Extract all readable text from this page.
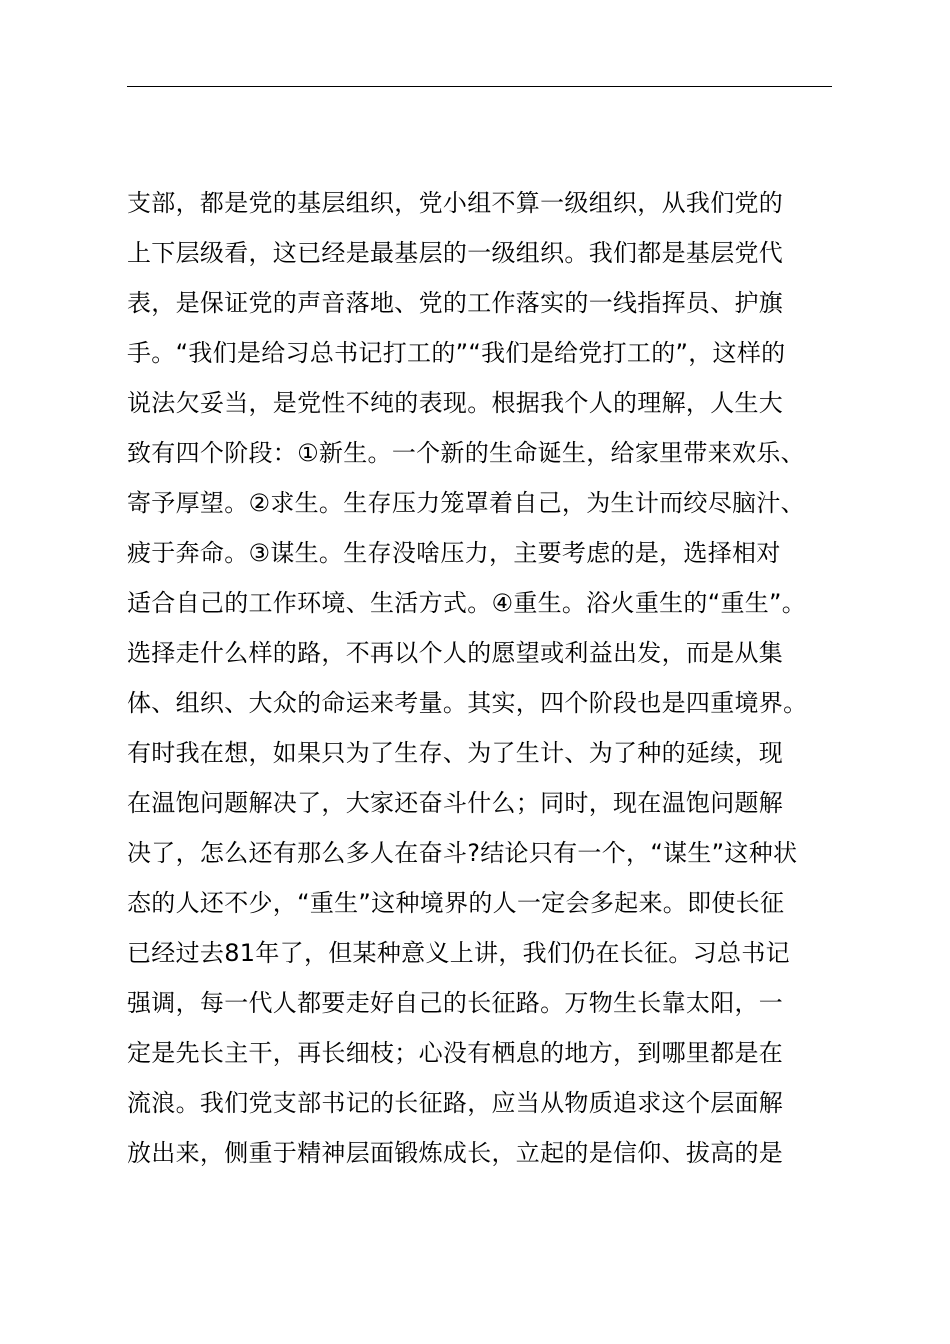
支部，都是党的基层组织，党小组不算一级组织，从我们党的
上下层级看，这已经是最基层的一级组织。我们都是基层党代
表，是保证党的声音落地、党的工作落实的一线指挥员、护旗
手。“我们是给习总书记打工的”“我们是给党打工的”，这样的
说法欠妥当，是党性不纯的表现。根据我个人的理解，人生大
致有四个阶段：①新生。一个新的生命诞生，给家里带来欢乐、
寄予厚望。②求生。生存压力笼罩着自己，为生计而绞尽脑汁、
疲于奔命。③谋生。生存没啥压力，主要考虑的是，选择相对
适合自己的工作环境、生活方式。④重生。浴火重生的“重生”。
选择走什么样的路，不再以个人的愿望或利益出发，而是从集
体、组织、大众的命运来考量。其实，四个阶段也是四重境界。
有时我在想，如果只为了生存、为了生计、为了种的延续，现
在温饱问题解决了，大家还奋斗什么；同时，现在温饱问题解
决了，怎么还有那么多人在奋斗?结论只有一个，“谋生”这种状
态的人还不少，“重生”这种境界的人一定会多起来。即使长征
已经过去81年了，但某种意义上讲，我们仍在长征。习总书记
强调，每一代人都要走好自己的长征路。万物生长靠太阳，一
定是先长主干，再长细枝；心没有栖息的地方，到哪里都是在
流浪。我们党支部书记的长征路，应当从物质追求这个层面解
放出来，侧重于精神层面锻炼成长，立起的是信仰、拔高的是
